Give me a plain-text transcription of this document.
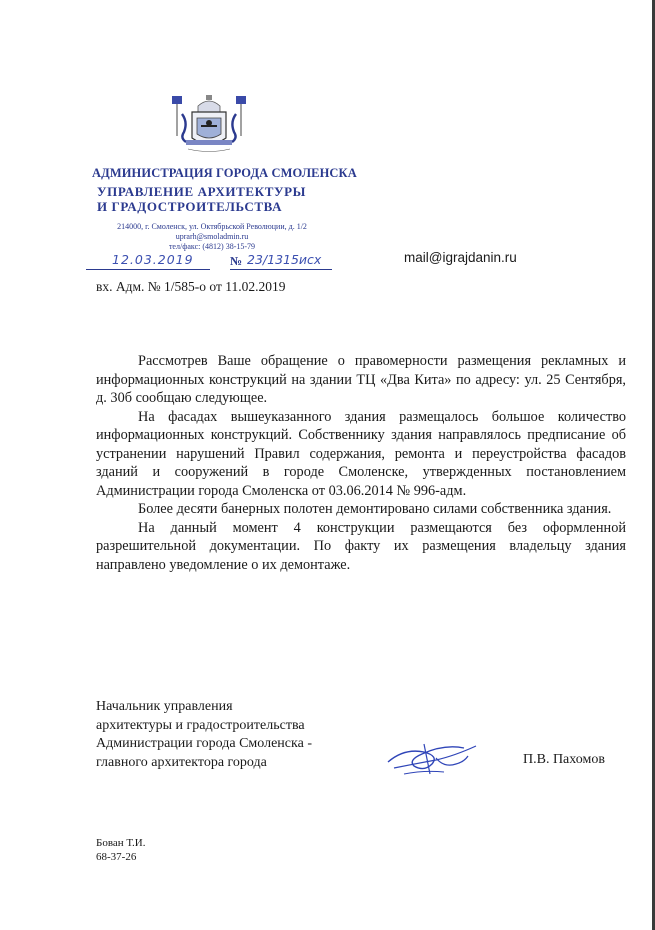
АДМИНИСТРАЦИЯ ГОРОДА СМОЛЕНСКА
УПРАВЛЕНИЕ АРХИТЕКТУРЫ
И ГРАДОСТРОИТЕЛЬСТВА
214000, г. Смоленск, ул. Октябрьской Революции, д. 1/2
uprarh@smoladmin.ru
тел/факс: (4812) 38-15-79
12.03.2019	№ 23/1315исх	mail@igrajdanin.ru
вх. Адм. № 1/585-о от 11.02.2019

Рассмотрев Ваше обращение о правомерности размещения рекламных и информационных конструкций на здании ТЦ «Два Кита» по адресу: ул. 25 Сентября, д. 30б сообщаю следующее.

На фасадах вышеуказанного здания размещалось большое количество информационных конструкций. Собственнику здания направлялось предписание об устранении нарушений Правил содержания, ремонта и переустройства фасадов зданий и сооружений в городе Смоленске, утвержденных постановлением Администрации города Смоленска от 03.06.2014 № 996-адм.

Более десяти банерных полотен демонтировано силами собственника здания.

На данный момент 4 конструкции размещаются без оформленной разрешительной документации. По факту их размещения владельцу здания направлено уведомление о их демонтаже.

Начальник управления
архитектуры и градостроительства
Администрации города Смоленска -
главного архитектора города	П.В. Пахомов
Бован Т.И.
68-37-26
